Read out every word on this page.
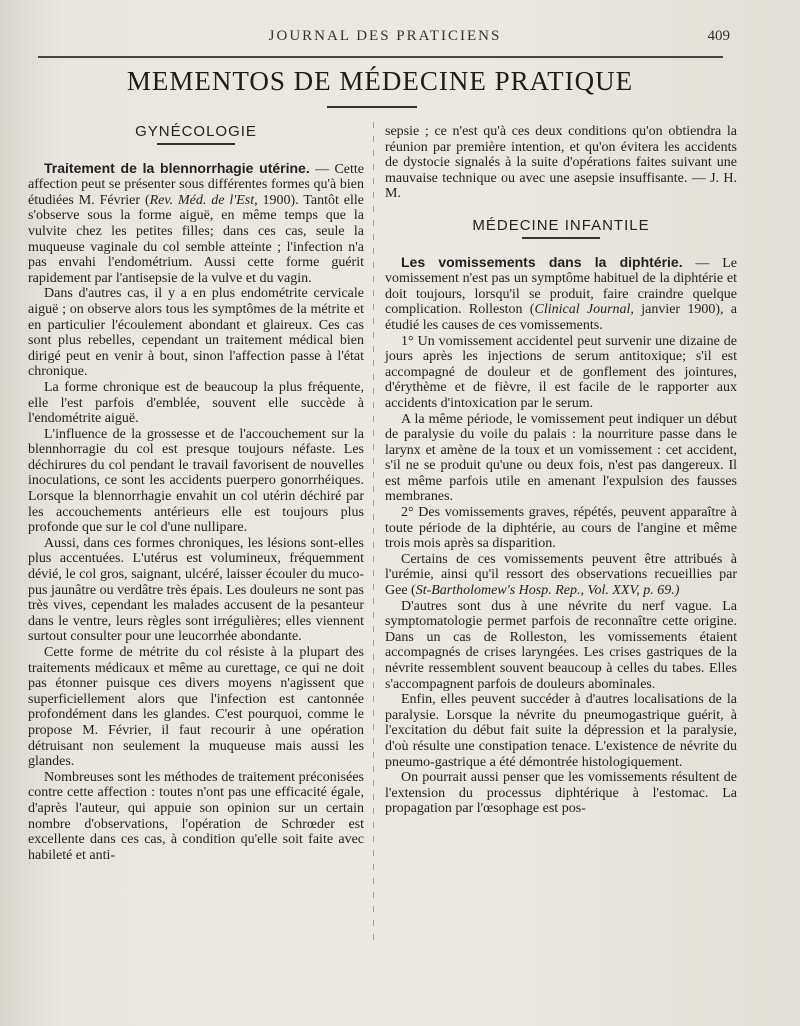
JOURNAL DES PRATICIENS	409
MEMENTOS DE MÉDECINE PRATIQUE
GYNÉCOLOGIE

Traitement de la blennorrhagie utérine. — Cette affection peut se présenter sous différentes formes qu'à bien étudiées M. Février (Rev. Méd. de l'Est, 1900). Tantôt elle s'observe sous la forme aiguë, en même temps que la vulvite chez les petites filles; dans ces cas, seule la muqueuse vaginale du col semble atteinte ; l'infection n'a pas envahi l'endométrium. Aussi cette forme guérit rapidement par l'antisepsie de la vulve et du vagin.

Dans d'autres cas, il y a en plus endométrite cervicale aiguë ; on observe alors tous les symptômes de la métrite et en particulier l'écoulement abondant et glaireux. Ces cas sont plus rebelles, cependant un traitement médical bien dirigé peut en venir à bout, sinon l'affection passe à l'état chronique.

La forme chronique est de beaucoup la plus fréquente, elle l'est parfois d'emblée, souvent elle succède à l'endométrite aiguë.

L'influence de la grossesse et de l'accouchement sur la blennhorragie du col est presque toujours néfaste. Les déchirures du col pendant le travail favorisent de nouvelles inoculations, ce sont les accidents puerpero gonorrhéiques. Lorsque la blennorrhagie envahit un col utérin déchiré par les accouchements antérieurs elle est toujours plus profonde que sur le col d'une nullipare.

Aussi, dans ces formes chroniques, les lésions sont-elles plus accentuées. L'utérus est volumineux, fréquemment dévié, le col gros, saignant, ulcéré, laisser écouler du muco-pus jaunâtre ou verdâtre très épais. Les douleurs ne sont pas très vives, cependant les malades accusent de la pesanteur dans le ventre, leurs règles sont irrégulières; elles viennent surtout consulter pour une leucorrhée abondante.

Cette forme de métrite du col résiste à la plupart des traitements médicaux et même au curettage, ce qui ne doit pas étonner puisque ces divers moyens n'agissent que superficiellement alors que l'infection est cantonnée profondément dans les glandes. C'est pourquoi, comme le propose M. Février, il faut recourir à une opération détruisant non seulement la muqueuse mais aussi les glandes.

Nombreuses sont les méthodes de traitement préconisées contre cette affection : toutes n'ont pas une efficacité égale, d'après l'auteur, qui appuie son opinion sur un certain nombre d'observations, l'opération de Schrœder est excellente dans ces cas, à condition qu'elle soit faite avec habileté et anti-

sepsie ; ce n'est qu'à ces deux conditions qu'on obtiendra la réunion par première intention, et qu'on évitera les accidents de dystocie signalés à la suite d'opérations faites suivant une mauvaise technique ou avec une asepsie insuffisante. — J. H. M.

MÉDECINE INFANTILE

Les vomissements dans la diphtérie. — Le vomissement n'est pas un symptôme habituel de la diphtérie et doit toujours, lorsqu'il se produit, faire craindre quelque complication. Rolleston (Clinical Journal, janvier 1900), a étudié les causes de ces vomissements.

1° Un vomissement accidentel peut survenir une dizaine de jours après les injections de serum antitoxique; s'il est accompagné de douleur et de gonflement des jointures, d'érythème et de fièvre, il est facile de le rapporter aux accidents d'intoxication par le serum.

A la même période, le vomissement peut indiquer un début de paralysie du voile du palais : la nourriture passe dans le larynx et amène de la toux et un vomissement : cet accident, s'il ne se produit qu'une ou deux fois, n'est pas dangereux. Il est même parfois utile en amenant l'expulsion des fausses membranes.

2° Des vomissements graves, répétés, peuvent apparaître à toute période de la diphtérie, au cours de l'angine et même trois mois après sa disparition.

Certains de ces vomissements peuvent être attribués à l'urémie, ainsi qu'il ressort des observations recueillies par Gee (St-Bartholomew's Hosp. Rep., Vol. XXV, p. 69.)

D'autres sont dus à une névrite du nerf vague. La symptomatologie permet parfois de reconnaître cette origine. Dans un cas de Rolleston, les vomissements étaient accompagnés de crises laryngées. Les crises gastriques de la névrite ressemblent souvent beaucoup à celles du tabes. Elles s'accompagnent parfois de douleurs abominales.

Enfin, elles peuvent succéder à d'autres localisations de la paralysie. Lorsque la névrite du pneumogastrique guérit, à l'excitation du début fait suite la dépression et la paralysie, d'où résulte une constipation tenace. L'existence de névrite du pneumo-gastrique a été démontrée histologiquement.

On pourrait aussi penser que les vomissements résultent de l'extension du processus diphtérique à l'estomac. La propagation par l'œsophage est pos-
